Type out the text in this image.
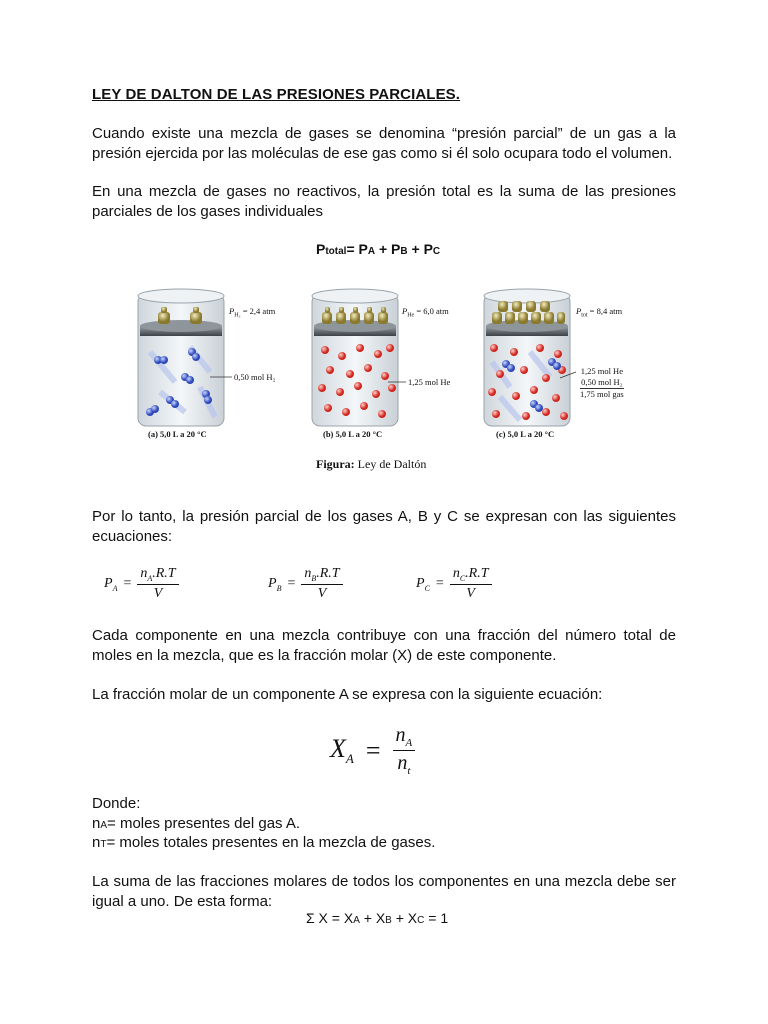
LEY DE DALTON DE LAS PRESIONES PARCIALES.
Cuando existe una mezcla de gases se denomina “presión parcial” de un gas a la presión ejercida por las moléculas de ese gas como si él solo ocupara todo el volumen.
En una mezcla de gases no reactivos, la presión total es la suma de las presiones parciales de los gases individuales
Ptotal= PA + PB + PC
$P_{H_2} = 2,4$ atm
0,50 mol H₂
(a) 5,0 L a 20 °C
$P_{He} = 6,0$ atm
1,25 mol He
(b) 5,0 L a 20 °C
$P_{tot} = 8,4$ atm
1,25 mol He
0,50 mol H₂
1,75 mol gas
(c) 5,0 L a 20 °C
Figura: Ley de Daltón
Por lo tanto, la presión parcial de los gases A, B y C se expresan con las siguientes ecuaciones:
$P_A = \frac{n_A.R.T}{V}$	$P_B = \frac{n_B.R.T}{V}$	$P_C = \frac{n_C.R.T}{V}$
Cada componente en una mezcla contribuye con una fracción del número total de moles en la mezcla, que es la fracción molar (X) de este componente.
La fracción molar de un componente A se expresa con la siguiente ecuación:
$X_A = \frac{n_A}{n_t}$
Donde:
nA= moles presentes del gas A.
nT= moles totales presentes en la mezcla de gases.
La suma de las fracciones molares de todos los componentes en una mezcla debe ser igual a uno. De esta forma:
Σ X = XA + XB + XC = 1
